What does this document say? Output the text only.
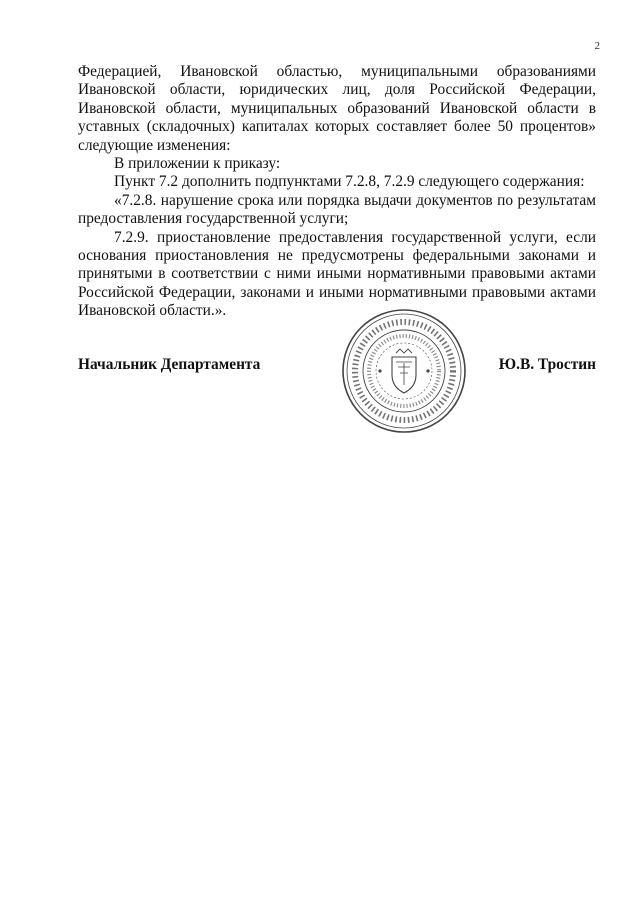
2

Федерацией, Ивановской областью, муниципальными образованиями Ивановской области, юридических лиц, доля Российской Федерации, Ивановской области, муниципальных образований Ивановской области в уставных (складочных) капиталах которых составляет более 50 процентов» следующие изменения:

В приложении к приказу:

Пункт 7.2 дополнить подпунктами 7.2.8, 7.2.9 следующего содержания:

«7.2.8. нарушение срока или порядка выдачи документов по результатам предоставления государственной услуги;

7.2.9. приостановление предоставления государственной услуги, если основания приостановления не предусмотрены федеральными законами и принятыми в соответствии с ними иными нормативными правовыми актами Российской Федерации, законами и иными нормативными правовыми актами Ивановской области.».

Начальник Департамента	Ю.В. Тростин
